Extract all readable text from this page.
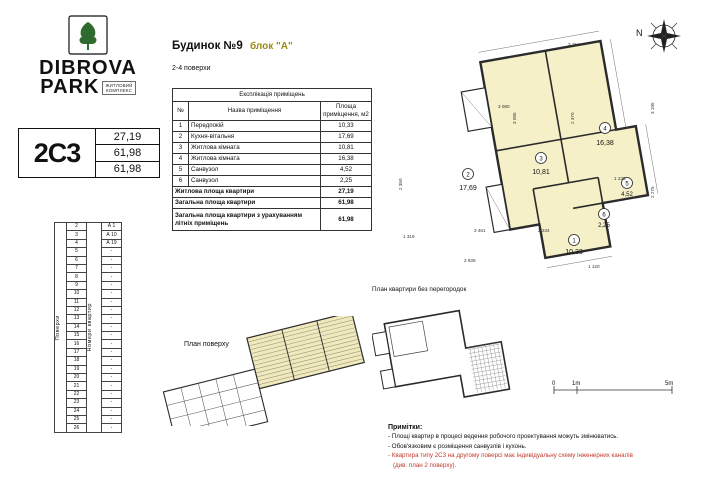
DIBROVA
PARK ЖИТЛОВИЙ
КОМПЛЕКС
2С3
27,19
61,98
61,98
Поверхи	2	Номери квартир	А 1
	3		А 10
	4		А 19
	5		-
	6		-
	7		-
	8		-
	9		-
	10		-
	11		-
	12		-
	13		-
	14		-
	15		-
	16		-
	17		-
	18		-
	19		-
	20		-
	21		-
	22		-
	23		-
	24		-
	25		-
	26		-
Будинок №9 блок "А"
2-4 поверхи
Експлікація приміщень		
№	Назва приміщення	Площа приміщення, м2
1	Передпокій	10,33
2	Кухня-вітальня	17,69
3	Житлова кімната	10,81
4	Житлова кімната	16,38
5	Санвузол	4,52
6	Санвузол	2,25
Житлова площа квартири		27,19
Загальна площа квартири		61,98
Загальна площа квартири з урахуванням літніх приміщень		61,98
N
4
16,38
3
10,81
2
17,69
5
4,52
6
2,25
1
10,33
3 154
3 080
3 461	2 234
2 939
1 319
2 350
3 085	2 370
3 195
1 235
2 275
1 120
План квартири без перегородок
План поверху
0	1m	5m
Примітки:

- Площі квартир в процесі ведення робочого проектування можуть змінюватись.

- Обов'язковим є розміщення санвузлів і кухонь.

- Квартира типу 2С3 на другому поверсі має індивідуальну схему інженерних каналів

(див. план 2 поверху).
